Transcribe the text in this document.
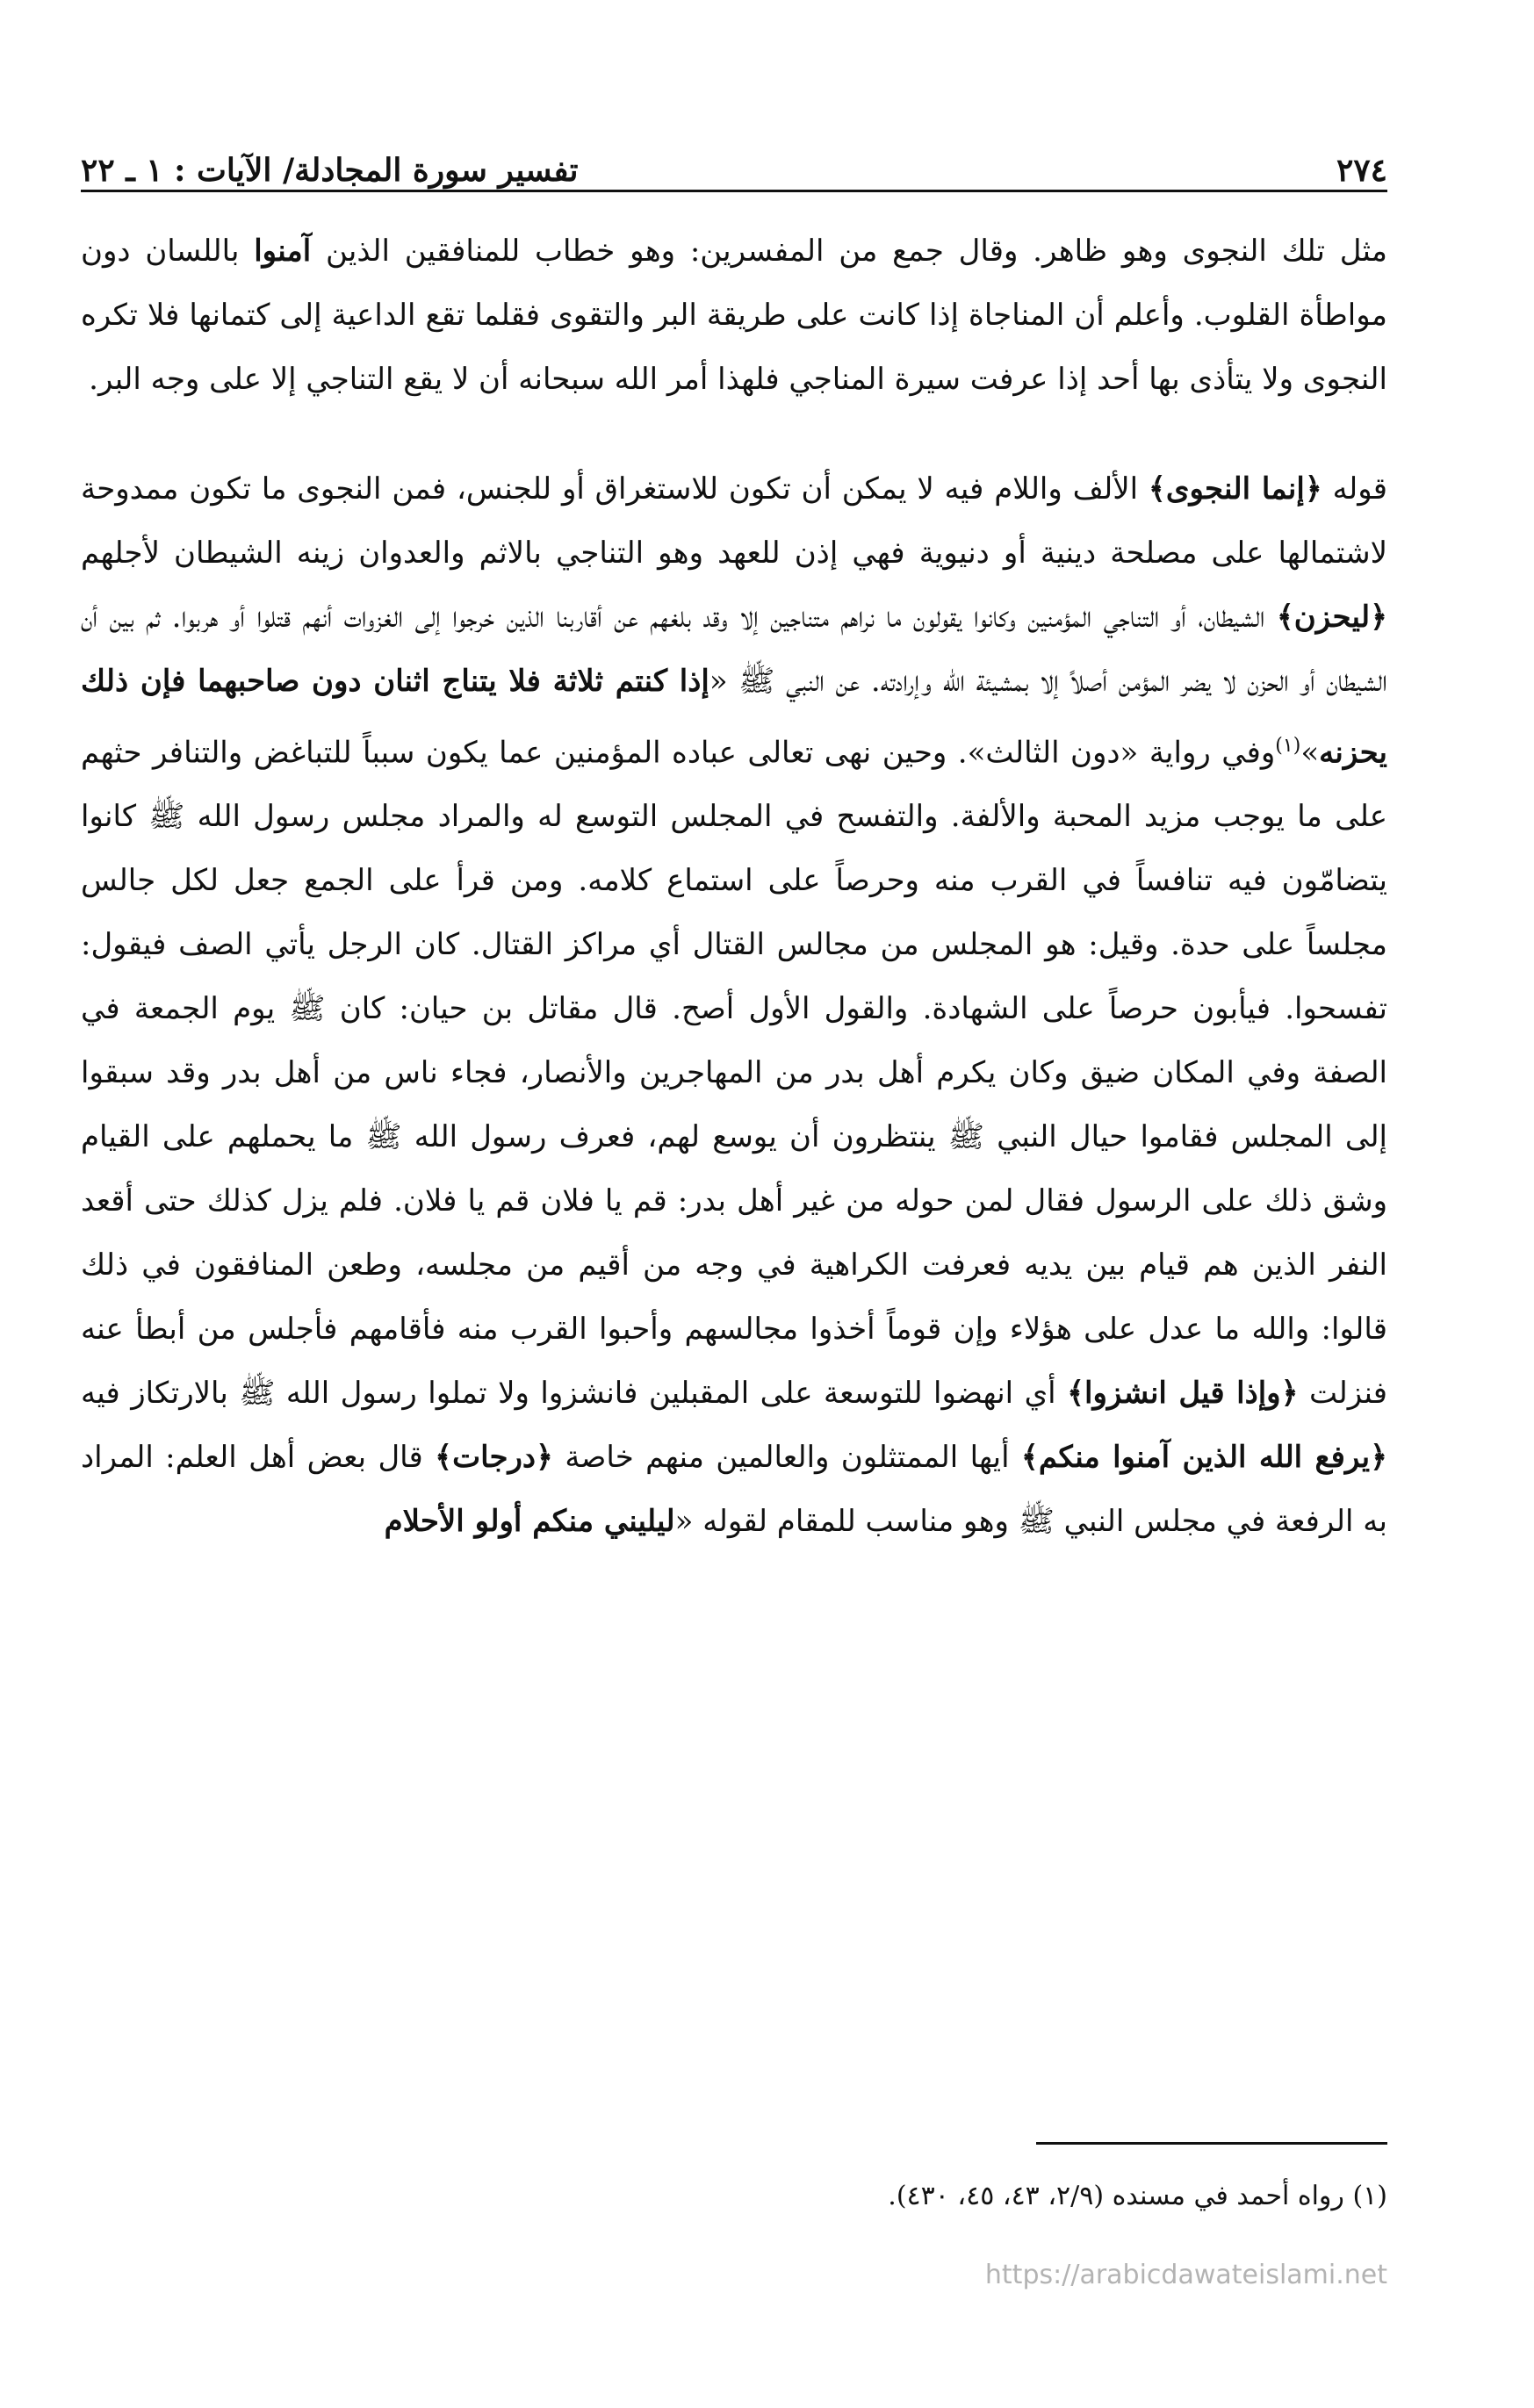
٢٧٤
تفسير سورة المجادلة/ الآيات : ١ ـ ٢٢

مثل تلك النجوى وهو ظاهر. وقال جمع من المفسرين: وهو خطاب للمنافقين الذين آمنوا باللسان دون مواطأة القلوب. وأعلم أن المناجاة إذا كانت على طريقة البر والتقوى فقلما تقع الداعية إلى كتمانها فلا تكره النجوى ولا يتأذى بها أحد إذا عرفت سيرة المناجي فلهذا أمر الله سبحانه أن لا يقع التناجي إلا على وجه البر.

قوله ﴿إنما النجوى﴾ الألف واللام فيه لا يمكن أن تكون للاستغراق أو للجنس، فمن النجوى ما تكون ممدوحة لاشتمالها على مصلحة دينية أو دنيوية فهي إذن للعهد وهو التناجي بالاثم والعدوان زينه الشيطان لأجلهم ﴿ليحزن﴾ الشيطان، أو التناجي المؤمنين وكانوا يقولون ما نراهم متناجين إلا وقد بلغهم عن أقاربنا الذين خرجوا إلى الغزوات أنهم قتلوا أو هربوا. ثم بين أن الشيطان أو الحزن لا يضر المؤمن أصلاً إلا بمشيئة الله وإرادته. عن النبي ﷺ «إذا كنتم ثلاثة فلا يتناج اثنان دون صاحبهما فإن ذلك يحزنه»$^{(١)}$وفي رواية «دون الثالث». وحين نهى تعالى عباده المؤمنين عما يكون سبباً للتباغض والتنافر حثهم على ما يوجب مزيد المحبة والألفة. والتفسح في المجلس التوسع له والمراد مجلس رسول الله ﷺ كانوا يتضامّون فيه تنافساً في القرب منه وحرصاً على استماع كلامه. ومن قرأ على الجمع جعل لكل جالس مجلساً على حدة. وقيل: هو المجلس من مجالس القتال أي مراكز القتال. كان الرجل يأتي الصف فيقول: تفسحوا. فيأبون حرصاً على الشهادة. والقول الأول أصح. قال مقاتل بن حيان: كان ﷺ يوم الجمعة في الصفة وفي المكان ضيق وكان يكرم أهل بدر من المهاجرين والأنصار، فجاء ناس من أهل بدر وقد سبقوا إلى المجلس فقاموا حيال النبي ﷺ ينتظرون أن يوسع لهم، فعرف رسول الله ﷺ ما يحملهم على القيام وشق ذلك على الرسول فقال لمن حوله من غير أهل بدر: قم يا فلان قم يا فلان. فلم يزل كذلك حتى أقعد النفر الذين هم قيام بين يديه فعرفت الكراهية في وجه من أقيم من مجلسه، وطعن المنافقون في ذلك قالوا: والله ما عدل على هؤلاء وإن قوماً أخذوا مجالسهم وأحبوا القرب منه فأقامهم فأجلس من أبطأ عنه فنزلت ﴿وإذا قيل انشزوا﴾ أي انهضوا للتوسعة على المقبلين فانشزوا ولا تملوا رسول الله ﷺ بالارتكاز فيه ﴿يرفع الله الذين آمنوا منكم﴾ أيها الممتثلون والعالمين منهم خاصة ﴿درجات﴾ قال بعض أهل العلم: المراد به الرفعة في مجلس النبي ﷺ وهو مناسب للمقام لقوله «ليليني منكم أولو الأحلام

(١) رواه أحمد في مسنده (٢/٩، ٤٣، ٤٥، ٤٣٠).
https://arabicdawateislami.net
